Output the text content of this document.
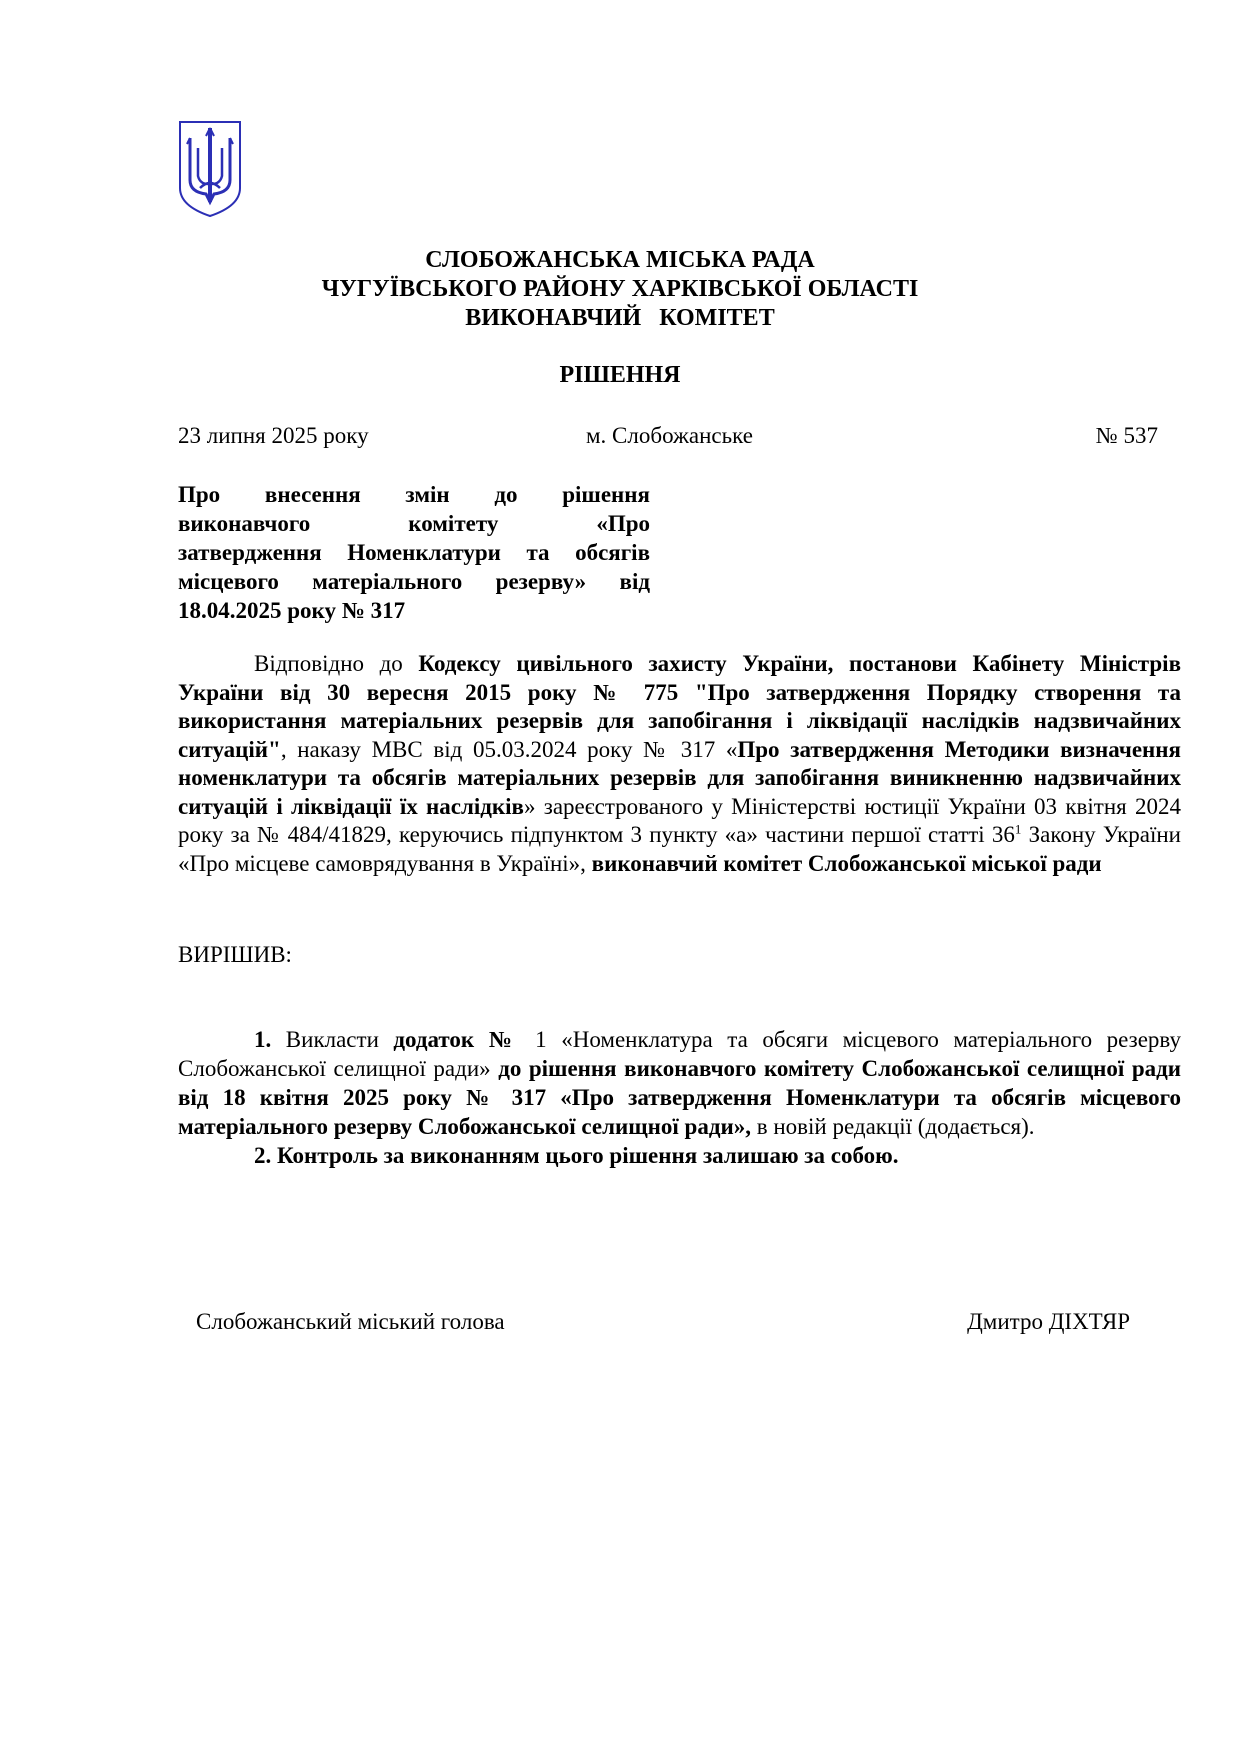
СЛОБОЖАНСЬКА МІСЬКА РАДА
ЧУГУЇВСЬКОГО РАЙОНУ ХАРКІВСЬКОЇ ОБЛАСТІ
ВИКОНАВЧИЙ   КОМІТЕТ
РІШЕННЯ
23 липня 2025 року	м. Слобожанське	№ 537
Про внесення змін до рішення
виконавчого комітету «Про
затвердження Номенклатури та обсягів
місцевого матеріального резерву» від
18.04.2025 року № 317
Відповідно до Кодексу цивільного захисту України, постанови Кабінету Міністрів України від 30 вересня 2015 року № 775 "Про затвердження Порядку створення та використання матеріальних резервів для запобігання і ліквідації наслідків надзвичайних ситуацій", наказу МВС від 05.03.2024 року № 317 «Про затвердження Методики визначення номенклатури та обсягів матеріальних резервів для запобігання виникненню надзвичайних ситуацій і ліквідації їх наслідків» зареєстрованого у Міністерстві юстиції України 03 квітня 2024 року за № 484/41829, керуючись підпунктом 3 пункту «а» частини першої статті $36^1$ Закону України «Про місцеве самоврядування в Україні», виконавчий комітет Слобожанської міської ради
ВИРІШИВ:
1. Викласти додаток № 1 «Номенклатура та обсяги місцевого матеріального резерву Слобожанської селищної ради» до рішення виконавчого комітету Слобожанської селищної ради від 18 квітня 2025 року № 317 «Про затвердження Номенклатури та обсягів місцевого матеріального резерву Слобожанської селищної ради», в новій редакції (додається).
2. Контроль за виконанням цього рішення залишаю за собою.
Слобожанський міський голова	Дмитро ДІХТЯР
